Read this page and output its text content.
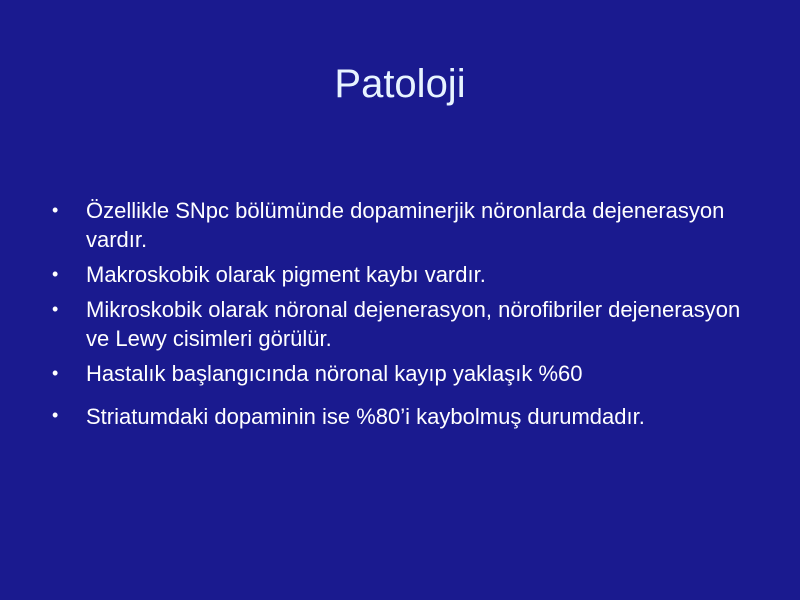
Patoloji
• Özellikle SNpc bölümünde dopaminerjik nöronlarda dejenerasyon vardır.
• Makroskobik olarak pigment kaybı vardır.
• Mikroskobik olarak nöronal dejenerasyon, nörofibriler dejenerasyon ve Lewy cisimleri görülür.
• Hastalık başlangıcında nöronal kayıp yaklaşık %60
• Striatumdaki dopaminin ise %80’i kaybolmuş durumdadır.
